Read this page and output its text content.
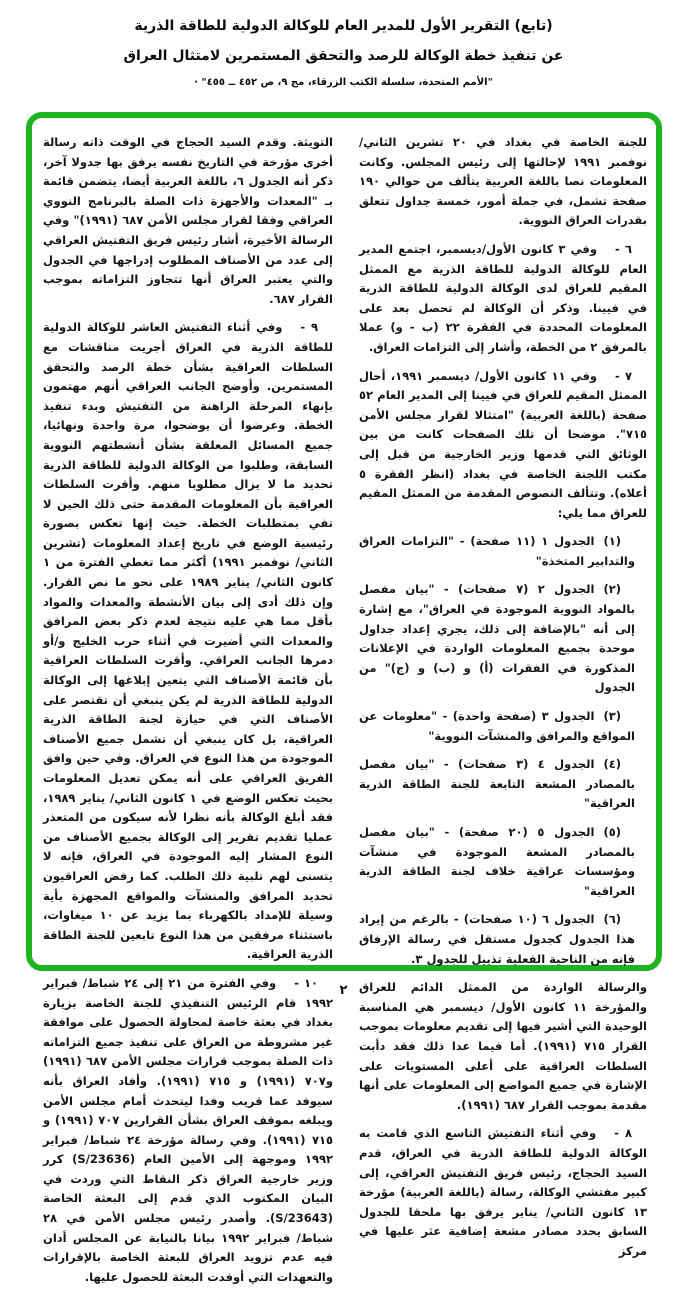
(تابع) التقرير الأول للمدير العام للوكالة الدولية للطاقة الذرية
عن تنفيذ خطة الوكالة للرصد والتحقق المستمرين لامتثال العراق
"الأمم المتحدة، سلسلة الكتب الزرقاء، مج ٩، ص ٤٥٢ ــ ٤٥٥" ·

للجنة الخاصة في بغداد في ٢٠ تشرين الثاني/ نوفمبر ١٩٩١ لإحالتها إلى رئيس المجلس. وكانت المعلومات نصا باللغة العربية يتألف من حوالي ١٩٠ صفحة تشمل، في جملة أمور، خمسة جداول تتعلق بقدرات العراق النووية.

٦ -وفي ٣ كانون الأول/ديسمبر، اجتمع المدير العام للوكالة الدولية للطاقة الذرية مع الممثل المقيم للعراق لدى الوكالة الدولية للطاقة الذرية في فيينا. وذكر أن الوكالة لم تحصل بعد على المعلومات المحددة في الفقرة ٢٢ (ب - و) عملا بالمرفق ٢ من الخطة، وأشار إلى التزامات العراق.

٧ -وفي ١١ كانون الأول/ ديسمبر ١٩٩١، أحال الممثل المقيم للعراق في فيينا إلى المدير العام ٥٢ صفحة (باللغة العربية) "امتثالا لقرار مجلس الأمن ٧١٥". موضحا أن تلك الصفحات كانت من بين الوثائق التي قدمها وزير الخارجية من قبل إلى مكتب اللجنة الخاصة في بغداد (انظر الفقرة ٥ أعلاه). وتتألف النصوص المقدمة من الممثل المقيم للعراق مما يلي:

(١)الجدول ١ (١١ صفحة) - "التزامات العراق والتدابير المتخذة"

(٢)الجدول ٢ (٧ صفحات) - "بيان مفصل بالمواد النووية الموجودة في العراق"، مع إشارة إلى أنه "بالإضافة إلى ذلك، يجري إعداد جداول موحدة بجميع المعلومات الواردة في الإعلانات المذكورة في الفقرات (أ) و (ب) و (ج)" من الجدول

(٣)الجدول ٣ (صفحة واحدة) - "معلومات عن المواقع والمرافق والمنشآت النووية"

(٤)الجدول ٤ (٣ صفحات) - "بيان مفصل بالمصادر المشعة التابعة للجنة الطاقة الذرية العراقية"

(٥)الجدول ٥ (٢٠ صفحة) - "بيان مفصل بالمصادر المشعة الموجودة في منشآت ومؤسسات عراقية خلاف لجنة الطاقة الذرية العراقية"

(٦)الجدول ٦ (١٠ صفحات) - بالرغم من إيراد هذا الجدول كجدول مستقل في رسالة الإرفاق فإنه من الناحية الفعلية تذييل للجدول ٣.

والرسالة الواردة من الممثل الدائم للعراق والمؤرخة ١١ كانون الأول/ ديسمبر هي المناسبة الوحيدة التي أشير فيها إلى تقديم معلومات بموجب القرار ٧١٥ (١٩٩١). أما فيما عدا ذلك فقد دأبت السلطات العراقية على أعلى المستويات على الإشارة في جميع المواضع إلى المعلومات على أنها مقدمة بموجب القرار ٦٨٧ (١٩٩١).

٨ -وفي أثناء التفتيش التاسع الذي قامت به الوكالة الدولية للطاقة الذرية في العراق، قدم السيد الحجاج، رئيس فريق التفتيش العراقي، إلى كبير مفتشي الوكالة، رسالة (باللغة العربية) مؤرخة ١٣ كانون الثاني/ يناير يرفق بها ملحقا للجدول السابق يحدد مصادر مشعة إضافية عثر عليها في مركز

التويثة. وقدم السيد الحجاج في الوقت ذاته رسالة أخرى مؤرخة في التاريخ نفسه يرفق بها جدولا آخر، ذكر أنه الجدول ٦، باللغة العربية أيضا، يتضمن قائمة بـ "المعدات والأجهزة ذات الصلة بالبرنامج النووي العراقي وفقا لقرار مجلس الأمن ٦٨٧ (١٩٩١)" وفي الرسالة الأخيرة، أشار رئيس فريق التفتيش العراقي إلى عدد من الأصناف المطلوب إدراجها في الجدول والتي يعتبر العراق أنها تتجاوز التزاماته بموجب القرار ٦٨٧.

٩ -وفي أثناء التفتيش العاشر للوكالة الدولية للطاقة الذرية في العراق أجريت مناقشات مع السلطات العراقية بشأن خطة الرصد والتحقق المستمرين. وأوضح الجانب العراقي أنهم مهتمون بإنهاء المرحلة الراهنة من التفتيش وبدء تنفيذ الخطة. وعرضوا أن يوضحوا، مرة واحدة ونهائيا، جميع المسائل المعلقة بشأن أنشطتهم النووية السابقة، وطلبوا من الوكالة الدولية للطاقة الذرية تحديد ما لا يزال مطلوبا منهم. وأقرت السلطات العراقية بأن المعلومات المقدمة حتى ذلك الحين لا تفي بمتطلبات الخطة. حيث إنها تعكس بصورة رئيسية الوضع في تاريخ إعداد المعلومات (تشرين الثاني/ نوفمبر ١٩٩١) أكثر مما تغطي الفترة من ١ كانون الثاني/ يناير ١٩٨٩ على نحو ما نص القرار. وإن ذلك أدى إلى بيان الأنشطة والمعدات والمواد بأقل مما هي عليه نتيجة لعدم ذكر بعض المرافق والمعدات التي أضيرت في أثناء حرب الخليج و/أو دمرها الجانب العراقي. وأقرت السلطات العراقية بأن قائمة الأصناف التي يتعين إبلاغها إلى الوكالة الدولية للطاقة الذرية لم يكن ينبغي أن تقتصر على الأصناف التي في حيازة لجنة الطاقة الذرية العراقية، بل كان ينبغي أن تشمل جميع الأصناف الموجودة من هذا النوع في العراق. وفي حين وافق الفريق العراقي على أنه يمكن تعديل المعلومات بحيث تعكس الوضع في ١ كانون الثاني/ يناير ١٩٨٩، فقد أبلغ الوكالة بأنه نظرا لأنه سيكون من المتعذر عمليا تقديم تقرير إلى الوكالة بجميع الأصناف من النوع المشار إليه الموجودة في العراق، فإنه لا يتسنى لهم تلبية ذلك الطلب. كما رفض العراقيون تحديد المرافق والمنشآت والمواقع المجهزة بأية وسيلة للإمداد بالكهرباء بما يزيد عن ١٠ ميغاوات، باستثناء مرفقين من هذا النوع تابعين للجنة الطاقة الذرية العراقية.

١٠ -وفي الفترة من ٢١ إلى ٢٤ شباط/ فبراير ١٩٩٢ قام الرئيس التنفيذي للجنة الخاصة بزيارة بغداد في بعثة خاصة لمحاولة الحصول على موافقة غير مشروطة من العراق على تنفيذ جميع التزاماته ذات الصلة بموجب قرارات مجلس الأمن ٦٨٧ (١٩٩١) و٧٠٧ (١٩٩١) و ٧١٥ (١٩٩١). وأفاد العراق بأنه سيوفد عما قريب وفدا ليتحدث أمام مجلس الأمن ويبلغه بموقف العراق بشأن القرارين ٧٠٧ (١٩٩١) و ٧١٥ (١٩٩١). وفي رسالة مؤرخة ٢٤ شباط/ فبراير ١٩٩٢ وموجهة إلى الأمين العام (S/23636) كرر وزير خارجية العراق ذكر النقاط التي وردت في البيان المكتوب الذي قدم إلى البعثة الخاصة (S/23643). وأصدر رئيس مجلس الأمن في ٢٨ شباط/ فبراير ١٩٩٢ بيانا بالنيابة عن المجلس أدان فيه عدم تزويد العراق للبعثة الخاصة بالإقرارات والتعهدات التي أوفدت البعثة للحصول عليها.

٢
